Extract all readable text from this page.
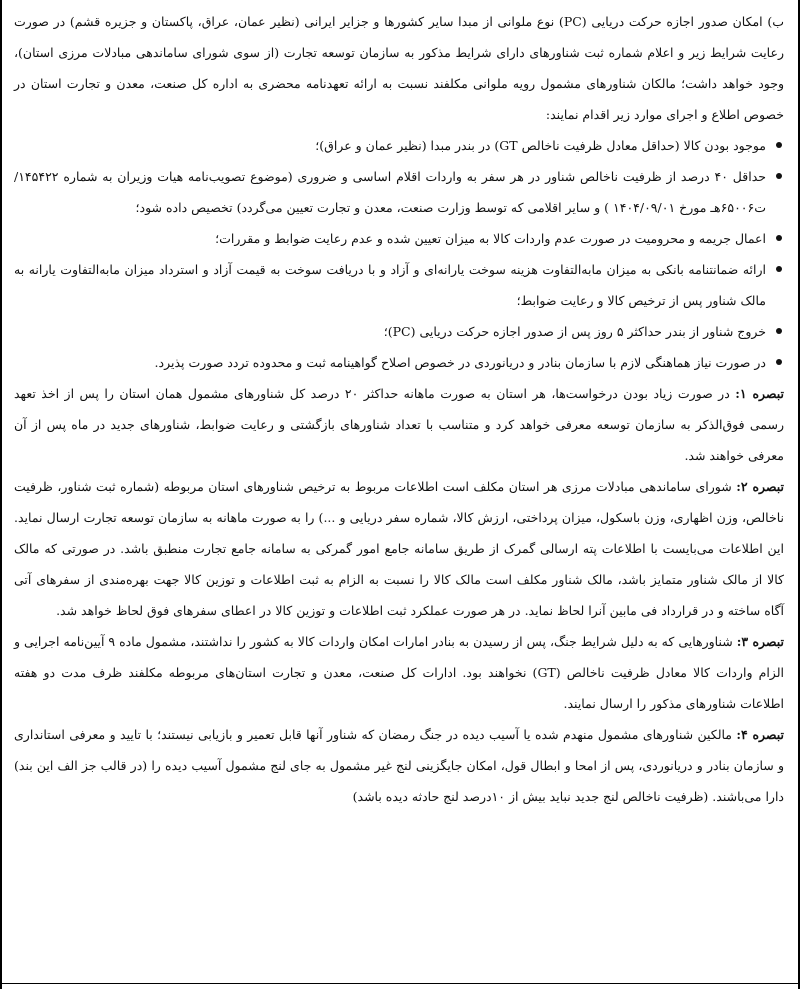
ب) امکان صدور اجازه حرکت دریایی (PC) نوع ملوانی از مبدا سایر کشورها و جزایر ایرانی (نظیر عمان، عراق، پاکستان و جزیره قشم) در صورت رعایت شرایط زیر و اعلام شماره ثبت شناورهای دارای شرایط مذکور به سازمان توسعه تجارت (از سوی شورای ساماندهی مبادلات مرزی استان)، وجود خواهد داشت؛ مالکان شناورهای مشمول رویه ملوانی مکلفند نسبت به ارائه تعهدنامه محضری به اداره کل صنعت، معدن و تجارت استان در خصوص اطلاع و اجرای موارد زیر اقدام نمایند:

موجود بودن کالا (حداقل معادل ظرفیت ناخالص GT) در بندر مبدا (نظیر عمان و عراق)؛
حداقل ۴۰ درصد از ظرفیت ناخالص شناور در هر سفر به واردات اقلام اساسی و ضروری (موضوع تصویب‌نامه هیات وزیران به شماره ۱۴۵۴۲۲/ت۶۵۰۰۶هـ مورخ ۱۴۰۴/۰۹/۰۱ ) و سایر اقلامی که توسط وزارت صنعت، معدن و تجارت تعیین می‌گردد) تخصیص داده شود؛
اعمال جریمه و محرومیت در صورت عدم واردات کالا به میزان تعیین شده و عدم رعایت ضوابط و مقررات؛
ارائه ضمانتنامه بانکی به میزان مابه‌التفاوت هزینه سوخت یارانه‌ای و آزاد و با دریافت سوخت به قیمت آزاد و استرداد میزان مابه‌التفاوت یارانه به مالک شناور پس از ترخیص کالا و رعایت ضوابط؛
خروج شناور از بندر حداکثر ۵ روز پس از صدور اجازه حرکت دریایی (PC)؛
در صورت نیاز هماهنگی لازم با سازمان بنادر و دریانوردی در خصوص اصلاح گواهینامه ثبت و محدوده تردد صورت پذیرد.

تبصره ۱: در صورت زیاد بودن درخواست‌ها، هر استان به صورت ماهانه حداکثر ۲۰ درصد کل شناورهای مشمول همان استان را پس از اخذ تعهد رسمی فوق‌الذکر به سازمان توسعه معرفی خواهد کرد و متناسب با تعداد شناورهای بازگشتی و رعایت ضوابط، شناورهای جدید در ماه پس از آن معرفی خواهند شد.

تبصره ۲: شورای ساماندهی مبادلات مرزی هر استان مکلف است اطلاعات مربوط به ترخیص شناورهای استان مربوطه (شماره ثبت شناور، ظرفیت ناخالص، وزن اظهاری، وزن باسکول، میزان پرداختی، ارزش کالا، شماره سفر دریایی و ...) را به صورت ماهانه به سازمان توسعه تجارت ارسال نماید. این اطلاعات می‌بایست با اطلاعات پته ارسالی گمرک از طریق سامانه جامع امور گمرکی به سامانه جامع تجارت منطبق باشد. در صورتی که مالک کالا از مالک شناور متمایز باشد، مالک شناور مکلف است مالک کالا را نسبت به الزام به ثبت اطلاعات و توزین کالا جهت بهره‌مندی از سفرهای آتی آگاه ساخته و در قرارداد فی مابین آنرا لحاظ نماید. در هر صورت عملکرد ثبت اطلاعات و توزین کالا در اعطای سفرهای فوق لحاظ خواهد شد.

تبصره ۳: شناورهایی که به دلیل شرایط جنگ، پس از رسیدن به بنادر امارات امکان واردات کالا به کشور را نداشتند، مشمول ماده ۹ آیین‌نامه اجرایی و الزام واردات کالا معادل ظرفیت ناخالص (GT) نخواهند بود. ادارات کل صنعت، معدن و تجارت استان‌های مربوطه مکلفند ظرف مدت دو هفته اطلاعات شناورهای مذکور را ارسال نمایند.

تبصره ۴: مالکین شناورهای مشمول منهدم شده یا آسیب دیده در جنگ رمضان که شناور آنها قابل تعمیر و بازیابی نیستند؛ با تایید و معرفی استانداری و سازمان بنادر و دریانوردی، پس از امحا و ابطال قول، امکان جایگزینی لنج غیر مشمول به جای لنج مشمول آسیب دیده را (در قالب جز الف این بند) دارا می‌باشند. (ظرفیت ناخالص لنج جدید نباید بیش از ۱۰درصد لنج حادثه دیده باشد)
